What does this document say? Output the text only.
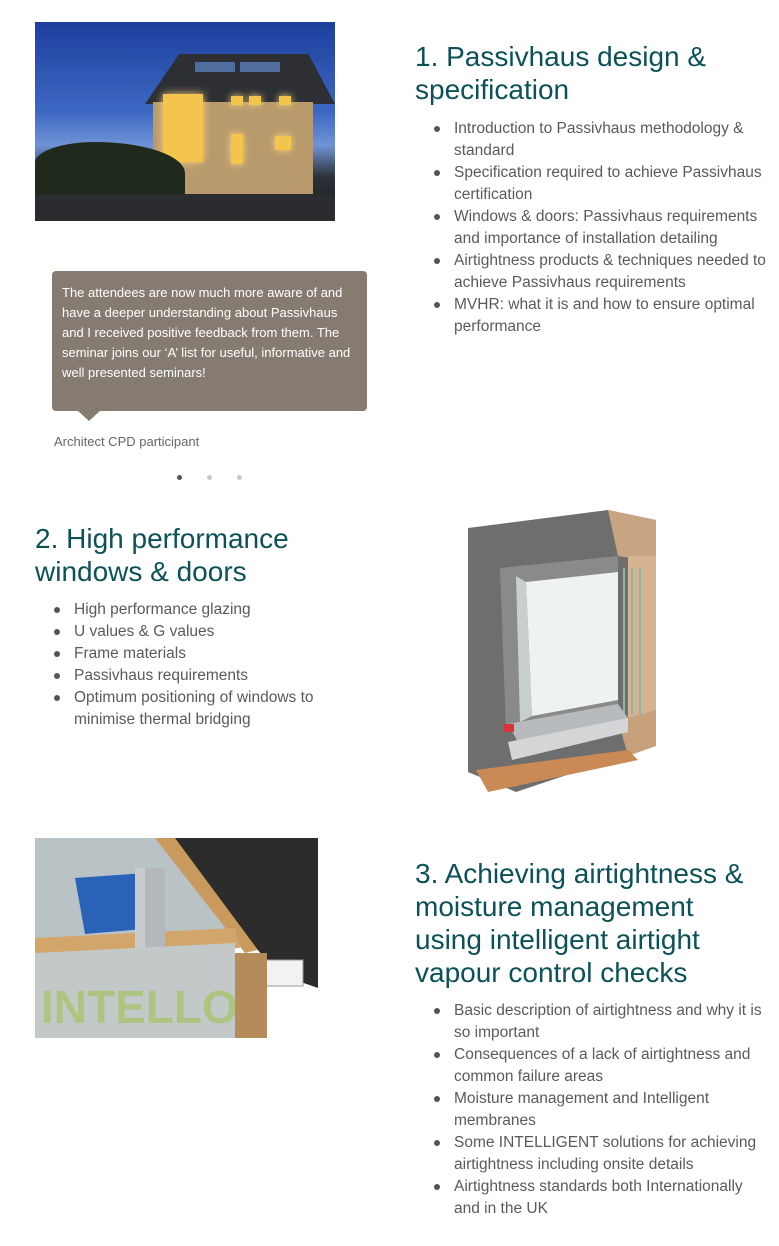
1. Passivhaus design & specification
Introduction to Passivhaus methodology & standard
Specification required to achieve Passivhaus certification
Windows & doors: Passivhaus requirements and importance of installation detailing
Airtightness products & techniques needed to achieve Passivhaus requirements
MVHR: what it is and how to ensure optimal performance
The attendees are now much more aware of and have a deeper understanding about Passivhaus and I received positive feedback from them. The seminar joins our ‘A’ list for useful, informative and well presented seminars!
Architect CPD participant
2. High performance windows & doors
High performance glazing
U values & G values
Frame materials
Passivhaus requirements
Optimum positioning of windows to minimise thermal bridging
INTELLO
3. Achieving airtightness & moisture management using intelligent airtight vapour control checks
Basic description of airtightness and why it is so important
Consequences of a lack of airtightness and common failure areas
Moisture management and Intelligent membranes
Some INTELLIGENT solutions for achieving airtightness including onsite details
Airtightness standards both Internationally and in the UK
